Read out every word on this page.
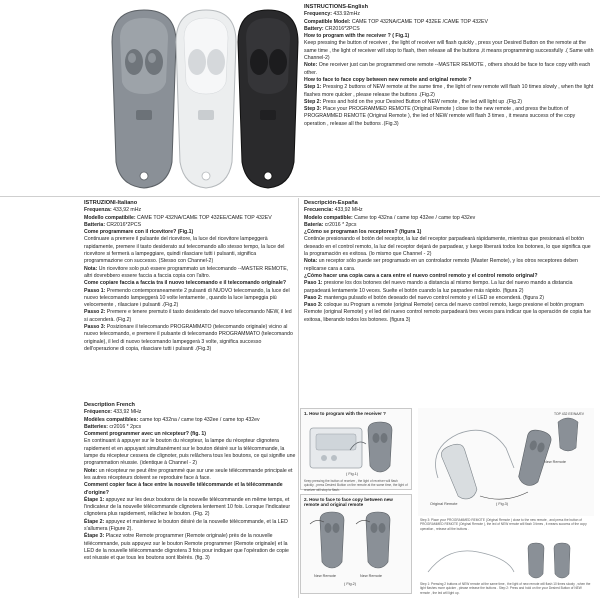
INSTRUCTIONS-English

Frequency: 433.92mHz

Compatible Model: CAME TOP 432NA/CAME TOP 432EE /CAME TOP 432EV

Battery: CR2016*2PCS

How to program with the receiver ? ( Fig.1)

Keep pressing the button of receiver , the light of receiver will flash quickly , press your Desired Button on the remote at the same time , the light of receiver will stop to flash, then release all the buttons ,it means programming successfully .( Same with Channel-2)

Note: One receiver just can be programmed one remote --MASTER REMOTE , others should be face to face copy with each other.

How to face to face copy between new remote and original remote ?

Step 1: Pressing 2 buttons of NEW remote at the same time , the light of new remote will flash 10 times slowly , when the light flashes more quicker , please release the buttons .(Fig.2)

Step 2: Press and hold on the your Desired Button of NEW remote , the led will light up .(Fig.2)

Step 3: Place your PROGRAMMED REMOTE (Original Remote ) close to the new remote , and press the button of PROGRAMMED REMOTE (Original Remote ), the led of NEW remote will flash 3 times , it means success of the copy operation , release all the buttons .(Fig.3)

ISTRUZIONI-Italiano

Frequenza: 433,92 mHz

Modello compatibile: CAME TOP 432NA/CAME TOP 432EE/CAME TOP 432EV

Batteria: CR2016*2PCS

Come programmare con il ricevitore? (Fig.1)

Continuare a premere il pulsante del ricevitore, la luce del ricevitore lampeggerà rapidamente, premere il tasto desiderato sul telecomando allo stesso tempo, la luce del ricevitore si fermerà a lampeggiare, quindi rilasciare tutti i pulsanti, significa programmazione con successo. (Stesso con Channel-2)

Nota: Un ricevitore solo può essere programmato un telecomando --MASTER REMOTE, altri dovrebbero essere faccia a faccia copia con l'altro.

Come copiare faccia a faccia tra il nuovo telecomando e il telecomando originale?

Passo 1: Premendo contemporaneamente 2 pulsanti di NUOVO telecomando, la luce del nuovo telecomando lampeggerà 10 volte lentamente , quando la luce lampeggia più velocemente , rilasciare i pulsanti .(Fig.2)

Passo 2: Premere e tenere premuto il tasto desiderato del nuovo telecomando NEW, il led si accenderà. (Fig.2)

Passo 3: Posizionare il telecomando PROGRAMMATO (telecomando originale) vicino al nuovo telecomando, e premere il pulsante di telecomando PROGRAMMATO (telecomando originale), il led di nuovo telecomando lampeggerà 3 volte, significa successo dell'operazione di copia, rilasciare tutti i pulsanti .(Fig.3)

Descripción-España

Frecuencia: 433,92 MHz

Modelo compatible: Came top 432na / came top 432ee / came top 432ev

Batería: cr2016 * 2pcs

¿Cómo se programan los receptores? (figura 1)

Continúe presionando el botón del receptor, la luz del receptor parpadeará rápidamente, mientras que presionará el botón deseado en el control remoto, la luz del receptor dejará de parpadear, y luego liberará todos los botones, lo que significa que la programación es exitosa. (lo mismo que Channel - 2)

Nota: un receptor sólo puede ser programado en un controlador remoto (Master Remote), y los otros receptores deben replicarse cara a cara.

¿Cómo hacer una copia cara a cara entre el nuevo control remoto y el control remoto original?

Paso 1: presione los dos botones del nuevo mando a distancia al mismo tiempo. La luz del nuevo mando a distancia parpadeará lentamente 10 veces. Suelte el botón cuando la luz parpadee más rápido. (figura 2)

Paso 2: mantenga pulsado el botón deseado del nuevo control remoto y el LED se encenderá. (figura 2)

Paso 3: coloque su Program a remote (original Remote) cerca del nuevo control remoto, luego presione el botón program Remote (original Remote) y el led del nuevo control remoto parpadeará tres veces para indicar que la operación de copia fue exitosa, liberando todos los botones. (figura 3)

Description French

Fréquence: 433,92 MHz

Modèles compatibles: came top 432na / came top 432ee / came top 432ev

Batteries: cr2016 * 2pcs

Comment programmer avec un récepteur? (fig. 1)

En continuant à appuyer sur le bouton du récepteur, la lampe du récepteur clignotera rapidement et en appuyant simultanément sur le bouton désiré sur la télécommande, la lampe du récepteur cessera de clignoter, puis relâchera tous les boutons, ce qui signifie une programmation réussie. (identique à Channel - 2)

Note: un récepteur ne peut être programmé que sur une seule télécommande principale et les autres récepteurs doivent se reproduire face à face.

Comment copier face à face entre la nouvelle télécommande et la télécommande d'origine?

Étape 1: appuyez sur les deux boutons de la nouvelle télécommande en même temps, et l'indicateur de la nouvelle télécommande clignotera lentement 10 fois. Lorsque l'indicateur clignotera plus rapidement, relâchez le bouton. (Fig. 2)

Étape 2: appuyez et maintenez le bouton désiré de la nouvelle télécommande, et la LED s'allumera (Figure 2).

Étape 3: Placez votre Remote programmer (Remote originale) près de la nouvelle télécommande, puis appuyez sur le bouton Remote programmer (Remote originale) et la LED de la nouvelle télécommande clignotera 3 fois pour indiquer que l'opération de copie est réussie et que tous les boutons sont libérés. (fig. 3)

1. How to program with the receiver ?
( Fig.1)
Keep pressing the button of receiver , the light of receiver will flash quickly , press Desired Button on the remote at the same time, the light of receiver will stop to flash.
2. How to face to face copy between new remote and original remote
New Remote	New Remote
( Fig.2)
TOP 432 EE/NA/EV
New Remote
Original Remote	( Fig.3)
Step 3: Place your PROGRAMMED REMOTE (Original Remote ) close to the new remote , and press the button of PROGRAMMED REMOTE (Original Remote ), the led of NEW remote will flash 3 times , it means success of the copy operation , release all the buttons .
Step 1: Pressing 2 buttons of NEW remote at the same time , the light of new remote will flash 10 times slowly , when the light flashes more quicker , please release the buttons . Step 2: Press and hold on the your Desired Button of NEW remote , the led will light up.
